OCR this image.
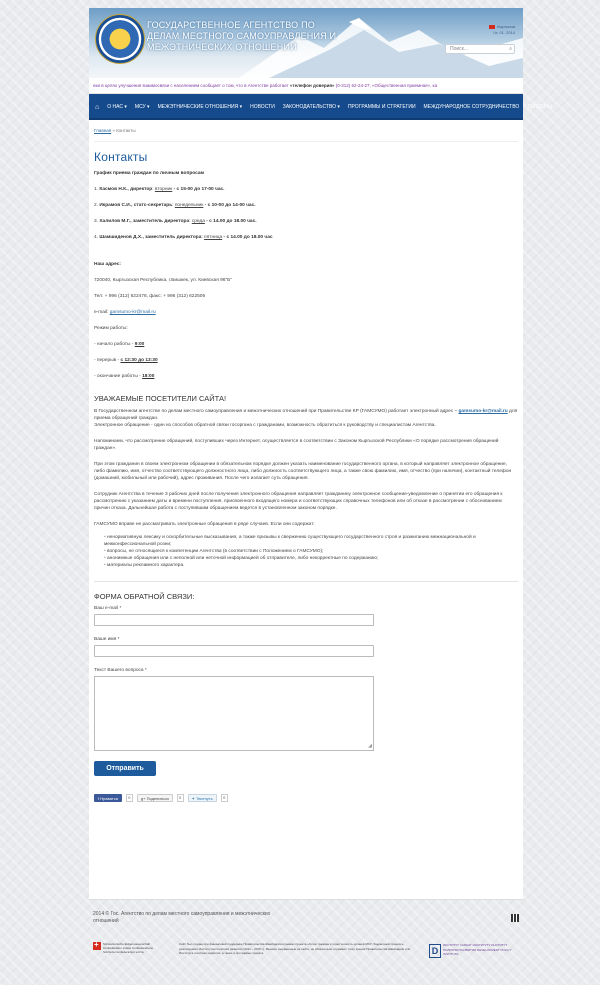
ГОСУДАРСТВЕННОЕ АГЕНТСТВО ПО ДЕЛАМ МЕСТНОГО САМОУПРАВЛЕНИЯ И МЕЖЭТНИЧЕСКИХ ОТНОШЕНИЙ
Кыргызча
Чт, 01. 2014
Поиск...	⌕
еки в целях улучшения взаимосвязи с населением сообщает о том, что в Агентстве работает «телефон доверия» (0-312) 62-24-27, «Общественная приемная», ка
⌂	О НАС ▾	МСУ ▾	МЕЖЭТНИЧЕСКИЕ ОТНОШЕНИЯ ▾	НОВОСТИ	ЗАКОНОДАТЕЛЬСТВО ▾	ПРОГРАММЫ И СТРАТЕГИИ	МЕЖДУНАРОДНОЕ СОТРУДНИЧЕСТВО	ТЕНДЕРЫ
Главная » Контакты
Контакты

График приема граждан по личным вопросам

1. Касмов Н.К., директор: вторник - с 15-00 до 17-00 час.

2. Икрамов С.И., статс-секретарь: понедельник - с 10-00 до 14-00 час.

3. Халилов М.Г., заместитель директора: среда - с 14.00 до 18.00 час.

4. Шамшиденов Д.Х., заместитель директора: пятница - с 14.00 до 18.00 час

Наш адрес:

720040, Кыргызская Республика, г.Бишкек, ул. Киевская 96"Б"

Тел: + 996 (312) 622478, факс: + 996 (312) 622506

e-mail: gamsumo-kr@mail.ru

Режим работы:

- начало работы - 9:00

- перерыв - с 12:30 до 13:30

- окончание работы - 18:00

УВАЖАЕМЫЕ ПОСЕТИТЕЛИ САЙТА!

В Государственном агентстве по делам местного самоуправления и межэтнических отношений при Правительстве КР (ГАМСУМО) работает электронный адрес – gamsumo-kr@mail.ru для приема обращений граждан.
Электронное обращение - один из способов обратной связи госоргана с гражданами, возможность обратиться к руководству и специалистам Агентства.

Напоминаем, что рассмотрение обращений, поступивших через Интернет, осуществляется в соответствии с Законом Кыргызской Республики «О порядке рассмотрения обращений граждан».

При этом гражданин в своем электронном обращении в обязательном порядке должен указать наименование государственного органа, в который направляет электронное обращение, либо фамилию, имя, отчество соответствующего должностного лица, либо должность соответствующего лица, а также свою фамилию, имя, отчество (при наличии), контактный телефон (домашний, мобильный или рабочий), адрес проживания. После чего излагает суть обращения.

Сотрудник Агентства в течение 3 рабочих дней после получения электронного обращения направляет гражданину электронное сообщение-уведомление о принятии его обращения к рассмотрению с указанием даты и времени поступления, присвоенного входящего номера и соответствующих справочных телефонов или об отказе в рассмотрении с обоснованием причин отказа. Дальнейшая работа с поступившим обращением ведется в установленном законом порядке.

ГАМСУМО вправе не рассматривать электронные обращения в ряде случаев. Если они содержат:

• ненормативную лексику и оскорбительные высказывания, а также призывы к свержению существующего государственного строя и разжиганию межнациональной и межконфессиональной розни;
• вопросы, не относящиеся к компетенции Агентства (в соответствии с Положением о ГАМСУМО);
• анонимные обращения или с неполной или неточной информацией об отправителе, либо некорректные по содержанию;
• материалы рекламного характера.
ФОРМА ОБРАТНОЙ СВЯЗИ:
Ваш e-mail *
Ваше имя *
Текст Вашего вопроса *
◢
Отправить
f Нравится	0	g+ Поделиться	0	✦ Твитнуть	0
2014 © Гос. Агентство по делам местного самоуправления и межэтнических отношений
+
Schweizerische Eidgenossenschaft Confédération suisse Confederazione Svizzera Confederaziun svizra
Сайт был создан при финансовой поддержке Правительства Швейцарии в рамках проекта «Голос граждан и подотчетность органов МСУ: бюджетный процесс», реализуемого Институтом политики развития (2011 – 2015 г.). Мнения, выраженные на сайте, не обязательно отражают точку зрения Правительства Швейцарии или Института политики развития, а также и программы проекта.	D
ИНСТИТУТ САЯСАТ ИНСТИТУТУ ИНСТИТУТ ПОЛИТИКИ РАЗВИТИЯ DEVELOPMENT POLICY INSTITUTE
